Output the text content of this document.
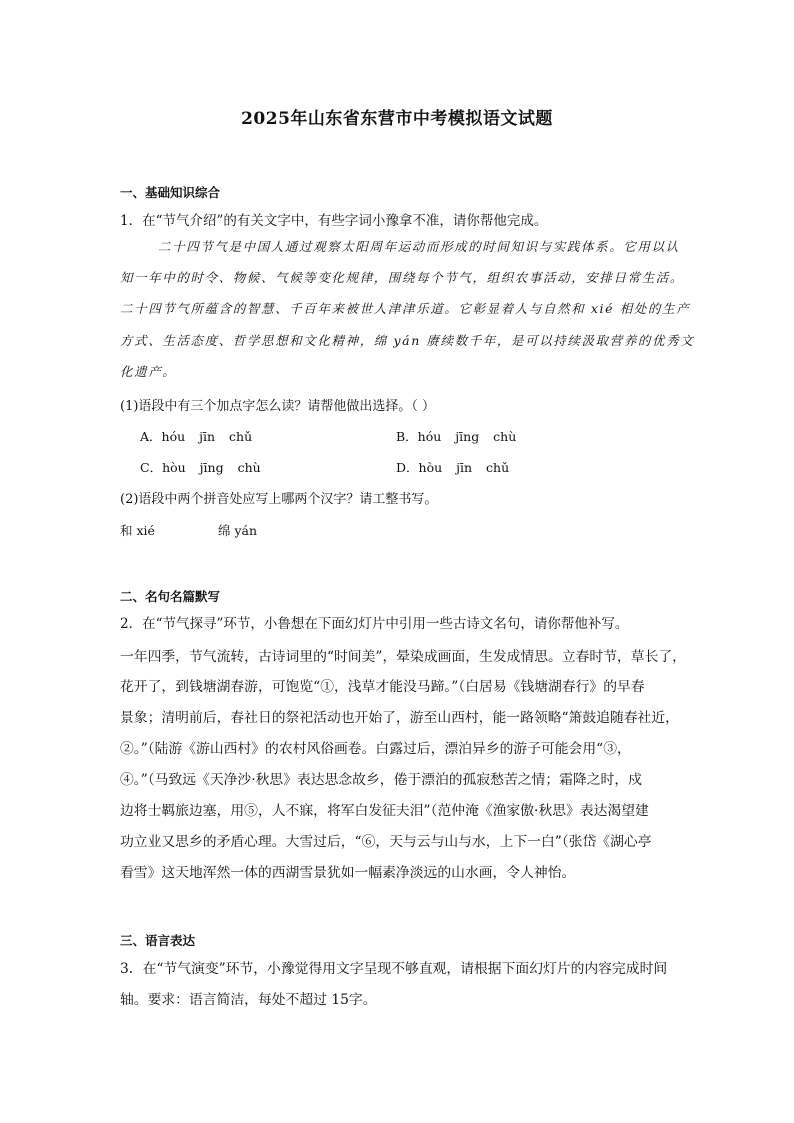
2025年山东省东营市中考模拟语文试题
一、基础知识综合
1．在“节气介绍”的有关文字中，有些字词小豫拿不准，请你帮他完成。
二十四节气是中国人通过观察太阳周年运动而形成的时间知识与实践体系。它用以认
知一年中的时令、物候、气候等变化规律，围绕每个节气，组织农事活动，安排日常生活。
二十四节气所蕴含的智慧、千百年来被世人津津乐道。它彰显着人与自然和 xié 相处的生产
方式、生活态度、哲学思想和文化精神，绵 yán 赓续数千年，是可以持续汲取营养的优秀文
化遗产。
(1)语段中有三个加点字怎么读？请帮他做出选择。（ ）
A．hóu jīn chǔ	B．hóu jīng chù
C．hòu jīng chù	D．hòu jīn chǔ
(2)语段中两个拼音处应写上哪两个汉字？请工整书写。
和 xié	绵 yán
二、名句名篇默写
2．在“节气探寻”环节，小鲁想在下面幻灯片中引用一些古诗文名句，请你帮他补写。
一年四季，节气流转，古诗词里的“时间美”，晕染成画面，生发成情思。立春时节，草长了，
花开了，到钱塘湖春游，可饱览“①，浅草才能没马蹄。”（白居易《钱塘湖春行》的早春
景象；清明前后，春社日的祭祀活动也开始了，游至山西村，能一路领略“箫鼓追随春社近，
②。”（陆游《游山西村》的农村风俗画卷。白露过后，漂泊异乡的游子可能会用“③，
④。”（马致远《天净沙·秋思》表达思念故乡，倦于漂泊的孤寂愁苦之情；霜降之时，戍
边将士羁旅边塞，用⑤，人不寐，将军白发征夫泪”（范仲淹《渔家傲·秋思》表达渴望建
功立业又思乡的矛盾心理。大雪过后，“⑥，天与云与山与水，上下一白”（张岱《湖心亭
看雪》这天地浑然一体的西湖雪景犹如一幅素净淡远的山水画，令人神怡。
三、语言表达
3．在“节气演变”环节，小豫觉得用文字呈现不够直观，请根据下面幻灯片的内容完成时间
轴。要求：语言简洁，每处不超过 15字。
